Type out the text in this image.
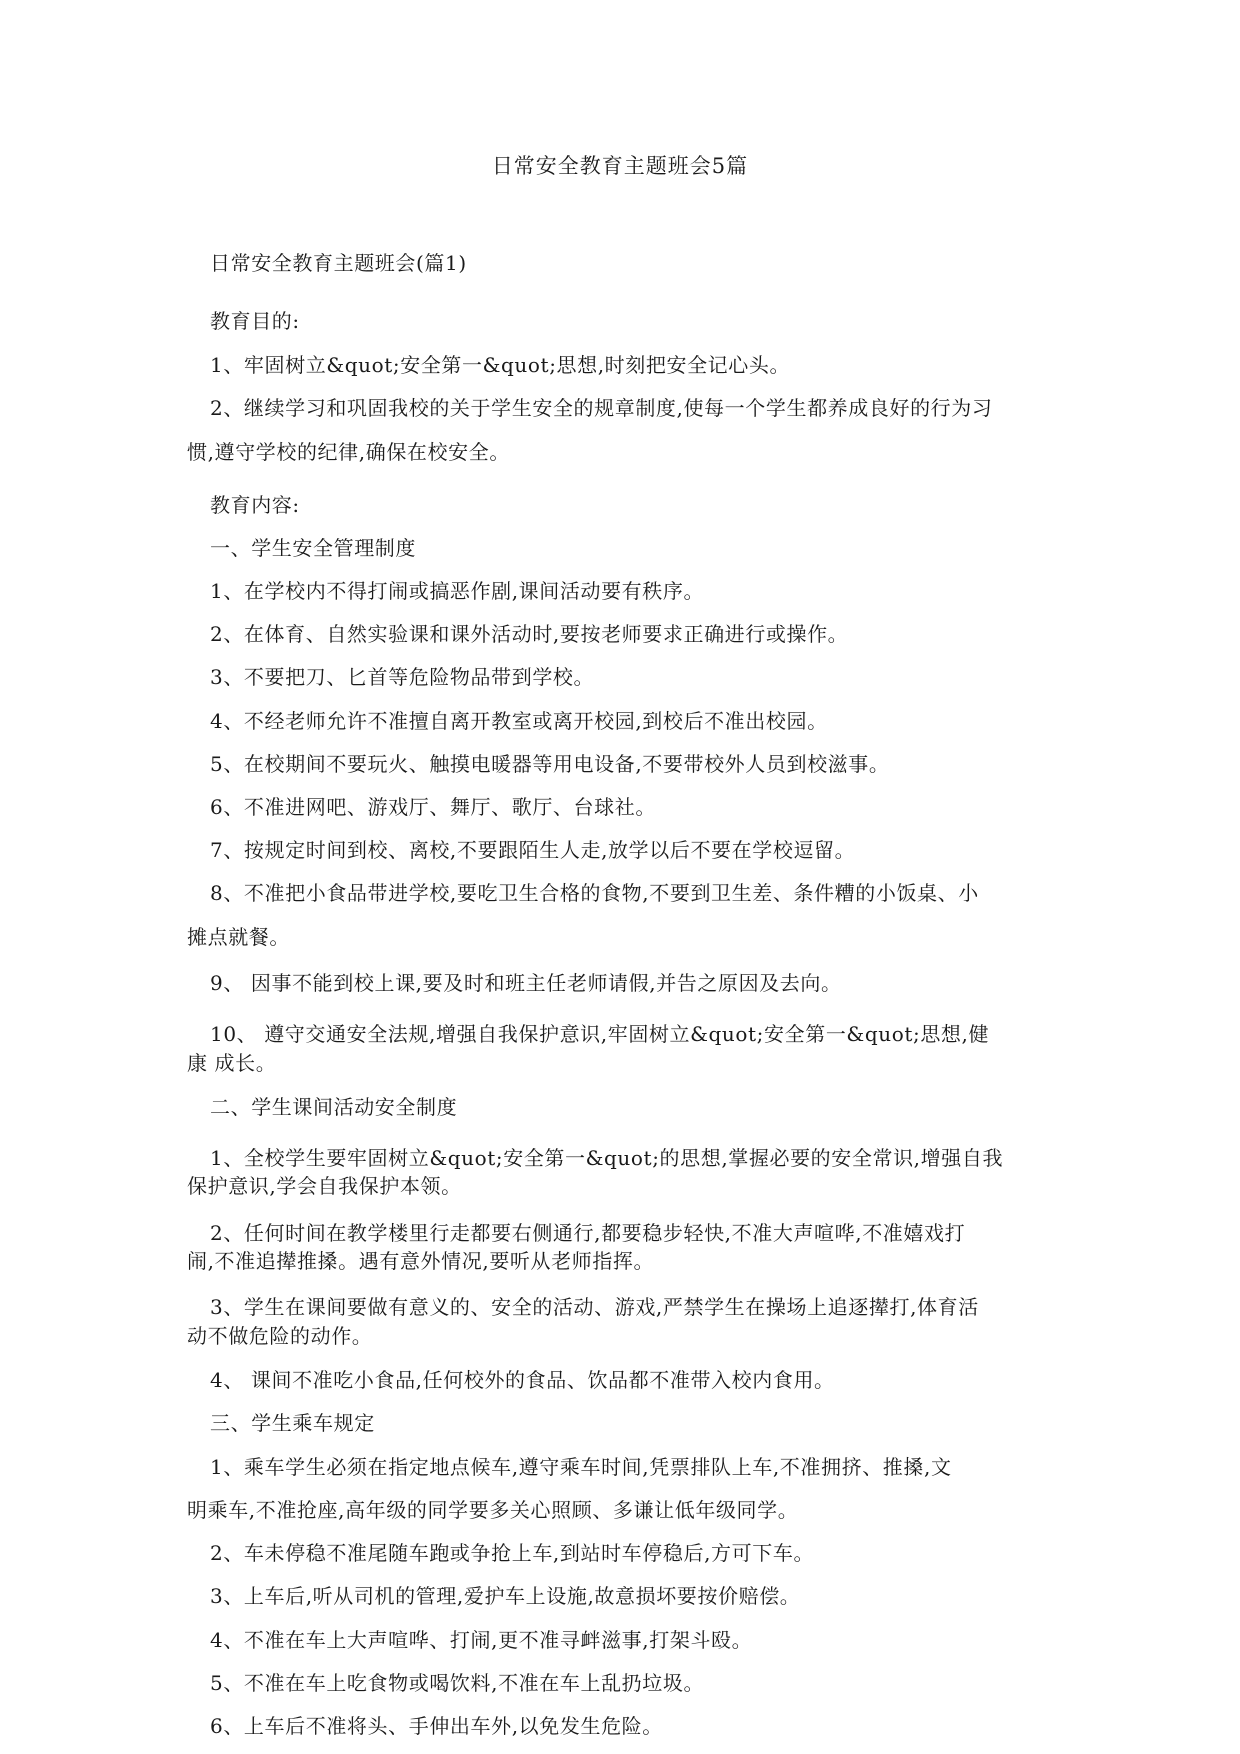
日常安全教育主题班会5篇
日常安全教育主题班会(篇1)
教育目的:
1、牢固树立&quot;安全第一&quot;思想,时刻把安全记心头。
2、继续学习和巩固我校的关于学生安全的规章制度,使每一个学生都养成良好的行为习
惯,遵守学校的纪律,确保在校安全。
教育内容:
一、学生安全管理制度
1、在学校内不得打闹或搞恶作剧,课间活动要有秩序。
2、在体育、自然实验课和课外活动时,要按老师要求正确进行或操作。
3、不要把刀、匕首等危险物品带到学校。
4、不经老师允许不准擅自离开教室或离开校园,到校后不准出校园。
5、在校期间不要玩火、触摸电暖器等用电设备,不要带校外人员到校滋事。
6、不准进网吧、游戏厅、舞厅、歌厅、台球社。
7、按规定时间到校、离校,不要跟陌生人走,放学以后不要在学校逗留。
8、不准把小食品带进学校,要吃卫生合格的食物,不要到卫生差、条件糟的小饭桌、小
摊点就餐。
9、 因事不能到校上课,要及时和班主任老师请假,并告之原因及去向。
10、 遵守交通安全法规,增强自我保护意识,牢固树立&quot;安全第一&quot;思想,健
康 成长。
二、学生课间活动安全制度
1、全校学生要牢固树立&quot;安全第一&quot;的思想,掌握必要的安全常识,增强自我
保护意识,学会自我保护本领。
2、任何时间在教学楼里行走都要右侧通行,都要稳步轻快,不准大声喧哗,不准嬉戏打
闹,不准追撵推搡。遇有意外情况,要听从老师指挥。
3、学生在课间要做有意义的、安全的活动、游戏,严禁学生在操场上追逐撵打,体育活
动不做危险的动作。
4、 课间不准吃小食品,任何校外的食品、饮品都不准带入校内食用。
三、学生乘车规定
1、乘车学生必须在指定地点候车,遵守乘车时间,凭票排队上车,不准拥挤、推搡,文
明乘车,不准抢座,高年级的同学要多关心照顾、多谦让低年级同学。
2、车未停稳不准尾随车跑或争抢上车,到站时车停稳后,方可下车。
3、上车后,听从司机的管理,爱护车上设施,故意损坏要按价赔偿。
4、不准在车上大声喧哗、打闹,更不准寻衅滋事,打架斗殴。
5、不准在车上吃食物或喝饮料,不准在车上乱扔垃圾。
6、上车后不准将头、手伸出车外,以免发生危险。
